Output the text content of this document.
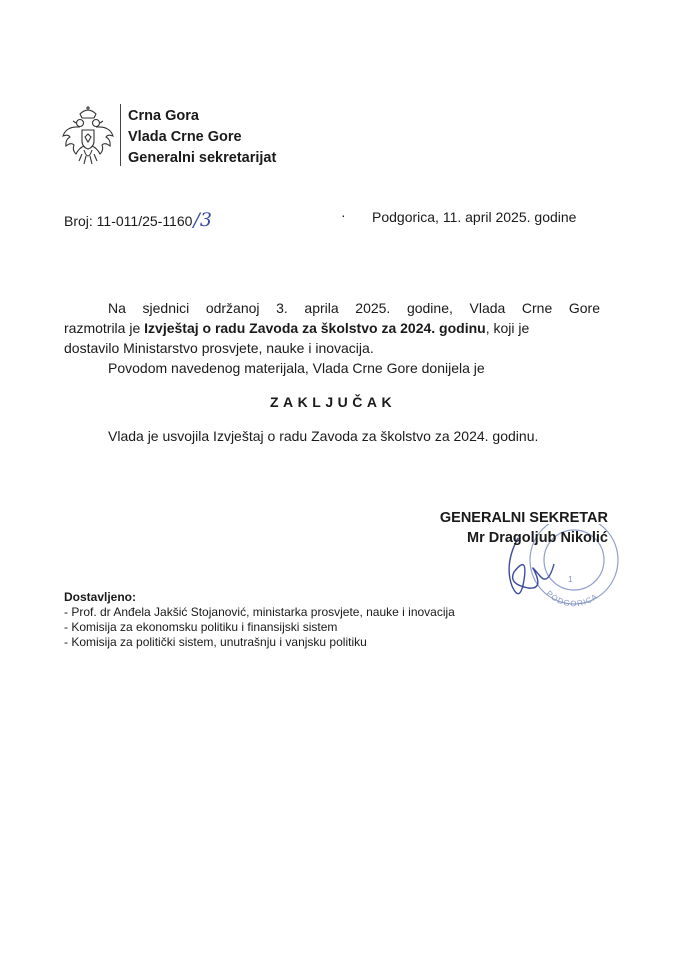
Crna Gora
Vlada Crne Gore
Generalni sekretarijat
Broj: 11-011/25-1160/3	· Podgorica, 11. april 2025. godine
Na sjednici održanoj 3. aprila 2025. godine, Vlada Crne Gore
razmotrila je Izvještaj o radu Zavoda za školstvo za 2024. godinu, koji je
dostavilo Ministarstvo prosvjete, nauke i inovacija.
Povodom navedenog materijala, Vlada Crne Gore donijela je
ZAKLJUČAK
Vlada je usvojila Izvještaj o radu Zavoda za školstvo za 2024. godinu.
PODGORICA
1
GENERALNI SEKRETAR
Mr Dragoljub Nikolić
Dostavljeno:
- Prof. dr Anđela Jakšić Stojanović, ministarka prosvjete, nauke i inovacija
- Komisija za ekonomsku politiku i finansijski sistem
- Komisija za politički sistem, unutrašnju i vanjsku politiku
